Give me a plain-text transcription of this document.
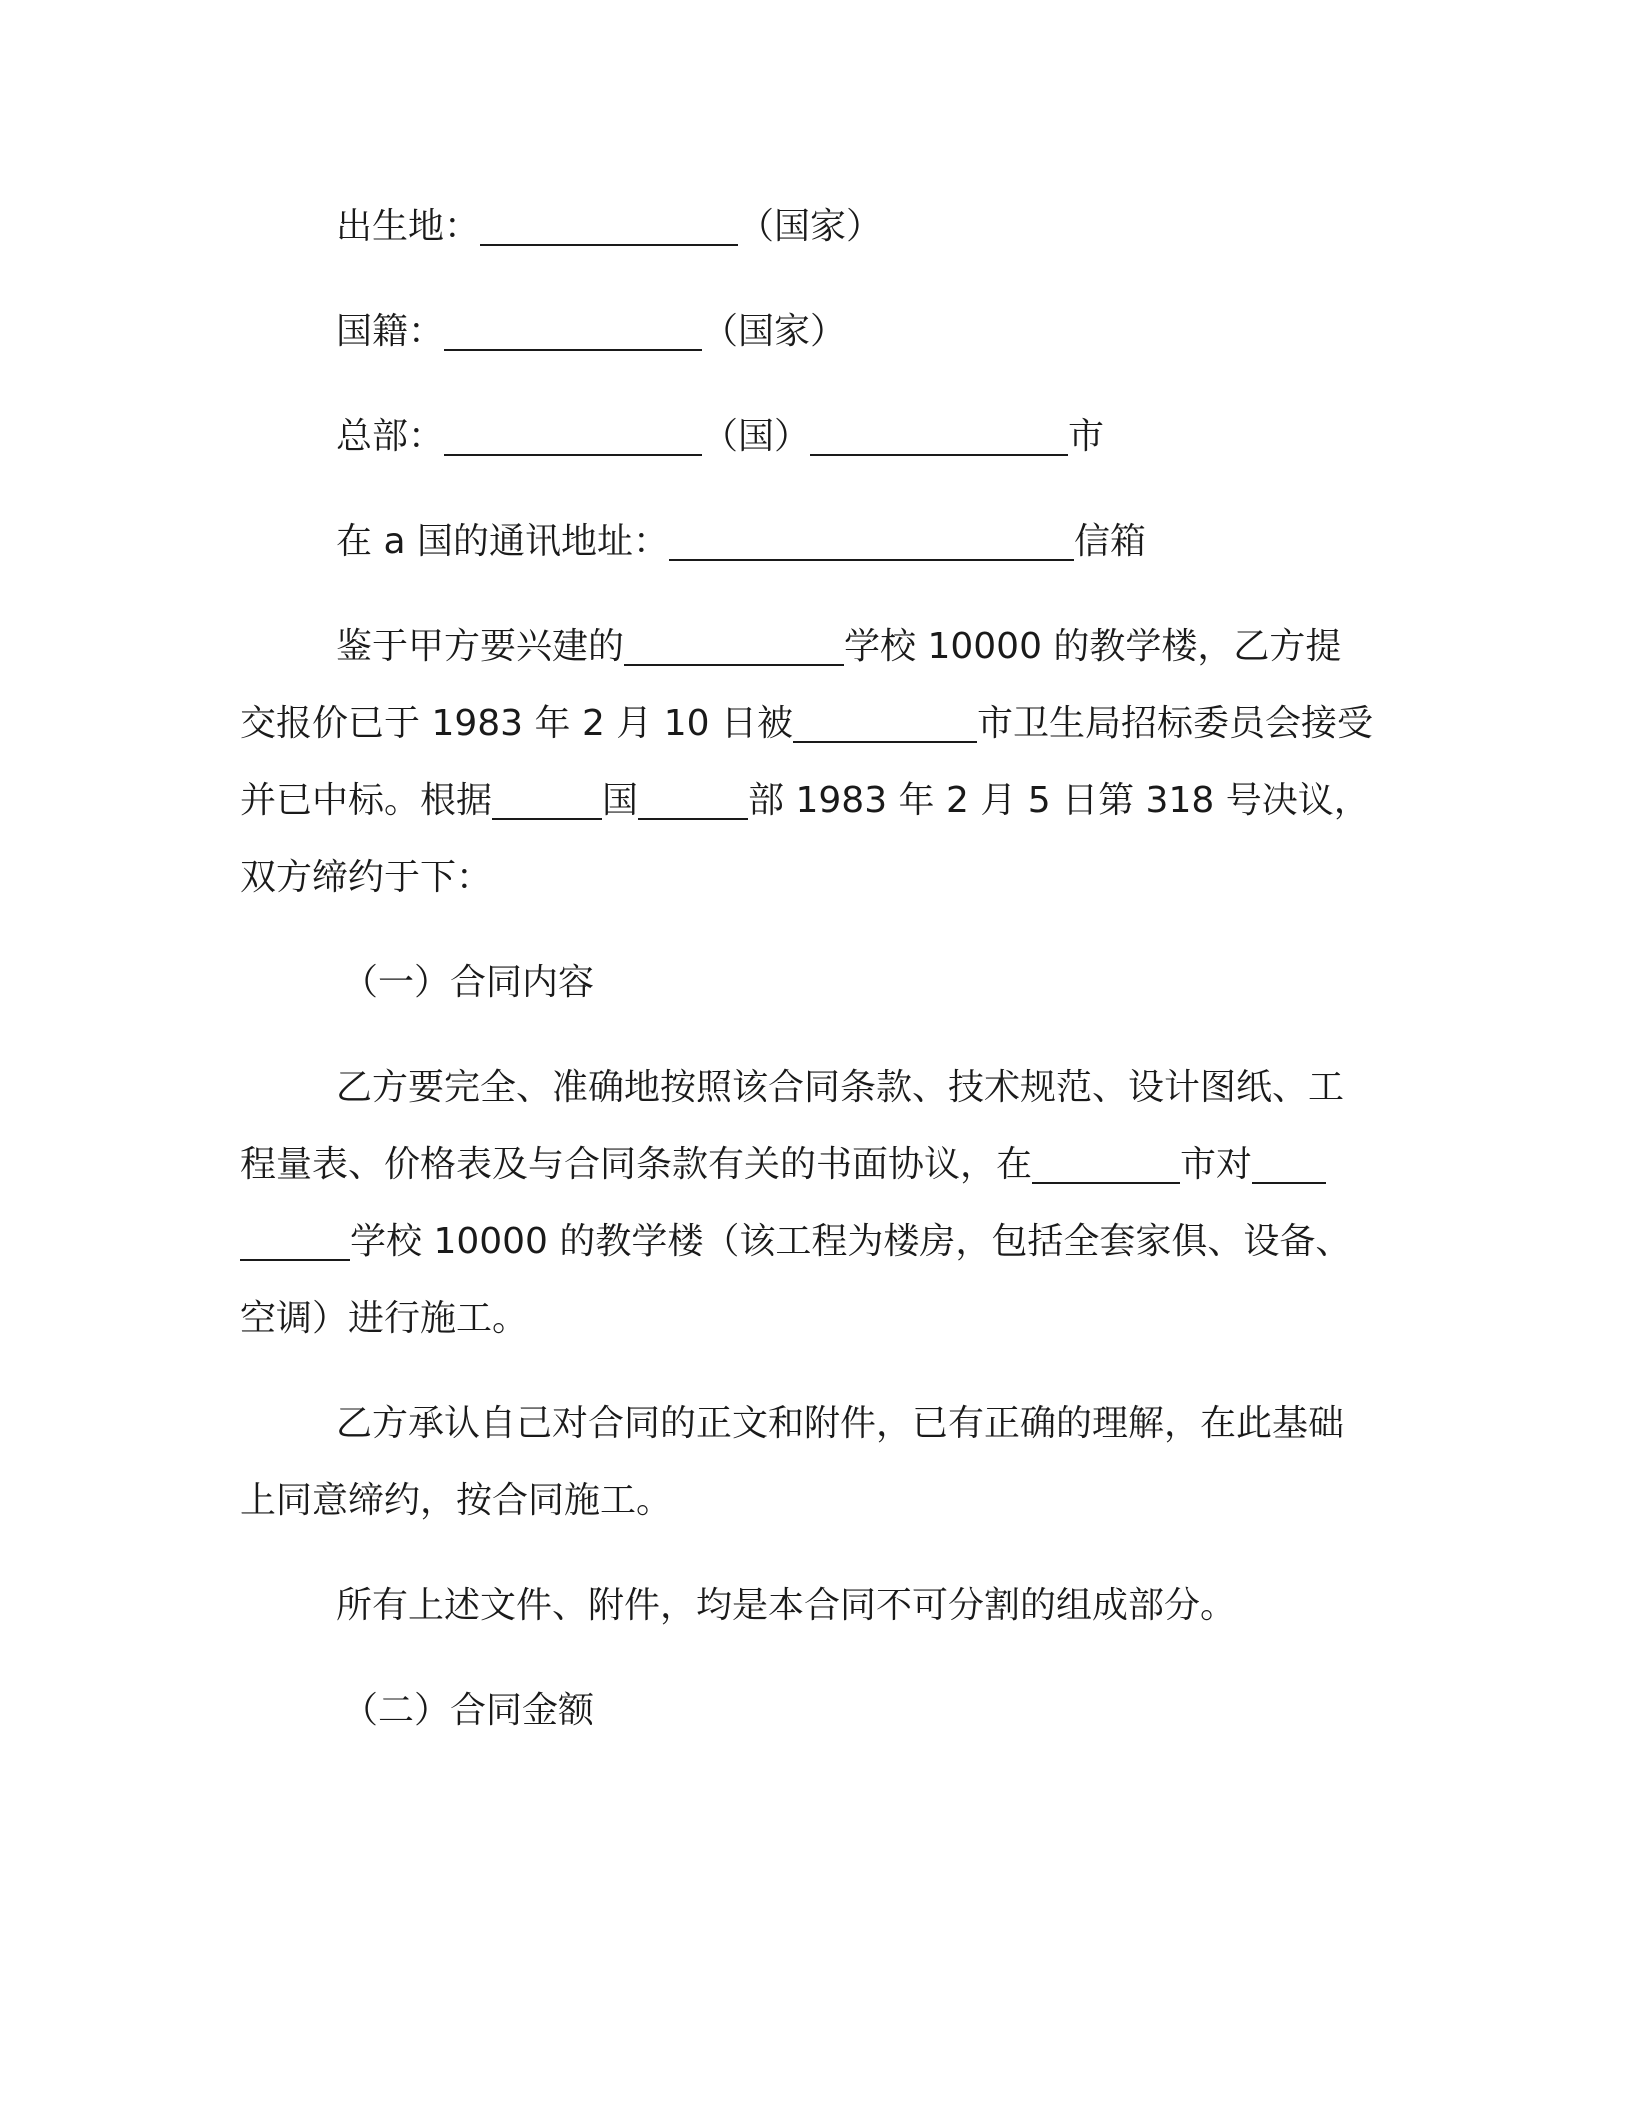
出生地：	（国家）
国籍：	（国家）
总部：	（国）	市
在 a 国的通讯地址：	信箱
鉴于甲方要兴建的	学校 10000 的教学楼，乙方提
交报价已于 1983 年 2 月 10 日被	市卫生局招标委员会接受
并已中标。根据	国	部 1983 年 2 月 5 日第 318 号决议，
双方缔约于下：
（一）合同内容
乙方要完全、准确地按照该合同条款、技术规范、设计图纸、工
程量表、价格表及与合同条款有关的书面协议，在	市对
学校 10000 的教学楼（该工程为楼房，包括全套家俱、设备、
空调）进行施工。
乙方承认自己对合同的正文和附件，已有正确的理解，在此基础
上同意缔约，按合同施工。
所有上述文件、附件，均是本合同不可分割的组成部分。
（二）合同金额
